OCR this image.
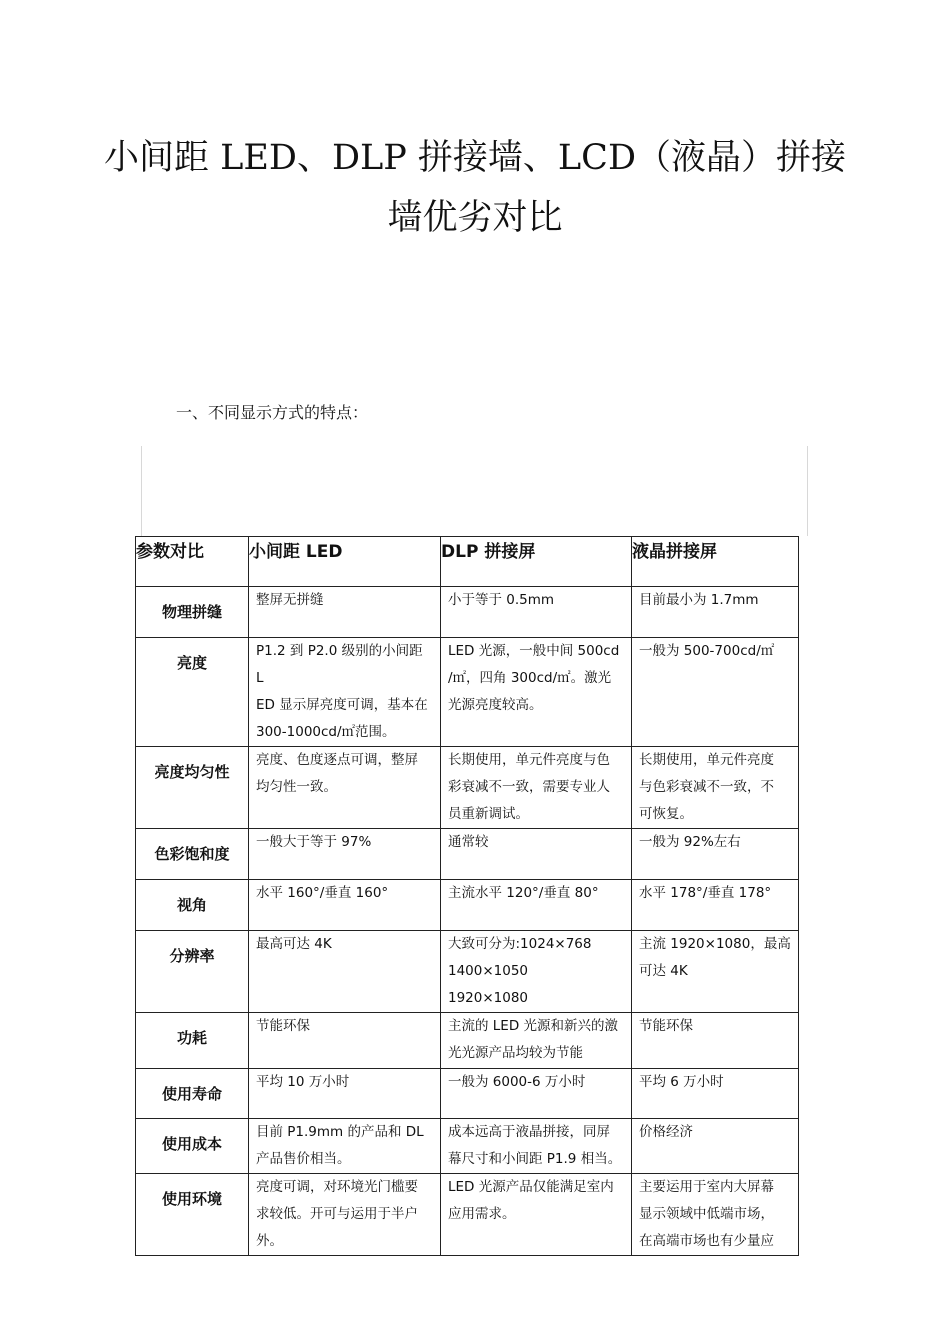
小间距 LED、DLP 拼接墙、LCD（液晶）拼接
墙优劣对比

一、不同显示方式的特点：

参数对比	小间距 LED	DLP 拼接屏	液晶拼接屏
物理拼缝	整屏无拼缝	小于等于 0.5mm	目前最小为 1.7mm

亮度	P1.2 到 P2.0 级别的小间距 L
ED 显示屏亮度可调，基本在
300-1000cd/㎡范围。	LED 光源，一般中间 500cd
/㎡，四角 300cd/㎡。激光
光源亮度较高。	一般为 500-700cd/㎡

亮度均匀性	亮度、色度逐点可调，整屏
均匀性一致。	长期使用，单元件亮度与色
彩衰减不一致，需要专业人
员重新调试。	长期使用，单元件亮度
与色彩衰减不一致，不
可恢复。

色彩饱和度	一般大于等于 97%	通常较	一般为 92%左右

视角	水平 160°/垂直 160°	主流水平 120°/垂直 80°	水平 178°/垂直 178°

分辨率	最高可达 4K	大致可分为:1024×768
1400×1050
1920×1080	主流 1920×1080，最高
可达 4K

功耗	节能环保	主流的 LED 光源和新兴的激
光光源产品均较为节能	节能环保

使用寿命	平均 10 万小时	一般为 6000-6 万小时	平均 6 万小时

使用成本	目前 P1.9mm 的产品和 DL
产品售价相当。	成本远高于液晶拼接，同屏
幕尺寸和小间距 P1.9 相当。	价格经济

使用环境	亮度可调，对环境光门槛要
求较低。开可与运用于半户
外。	LED 光源产品仅能满足室内
应用需求。	主要运用于室内大屏幕
显示领域中低端市场，
在高端市场也有少量应
